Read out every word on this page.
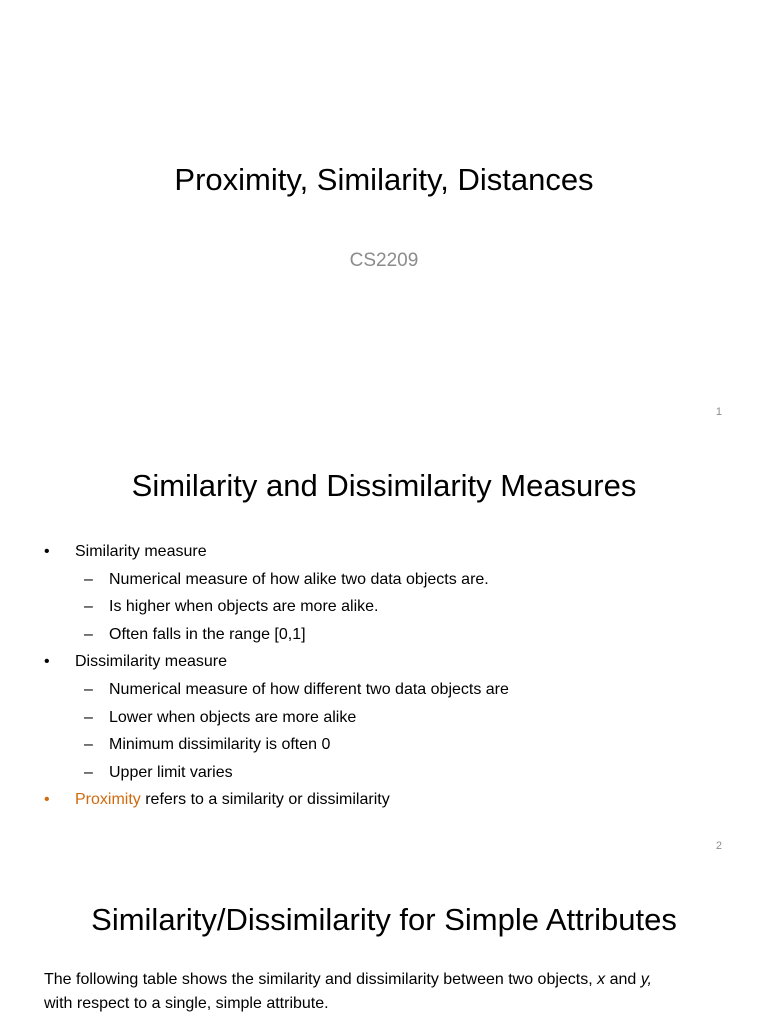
Proximity, Similarity, Distances

CS2209

1
Similarity and Dissimilarity Measures
•	Similarity measure
– Numerical measure of how alike two data objects are.
– Is higher when objects are more alike.
– Often falls in the range [0,1]
•	Dissimilarity measure
– Numerical measure of how different two data objects are
– Lower when objects are more alike
– Minimum dissimilarity is often 0
– Upper limit varies
•	Proximity refers to a similarity or dissimilarity
2
Similarity/Dissimilarity for Simple Attributes

The following table shows the similarity and dissimilarity between two objects, x and y,
with respect to a single, simple attribute.
